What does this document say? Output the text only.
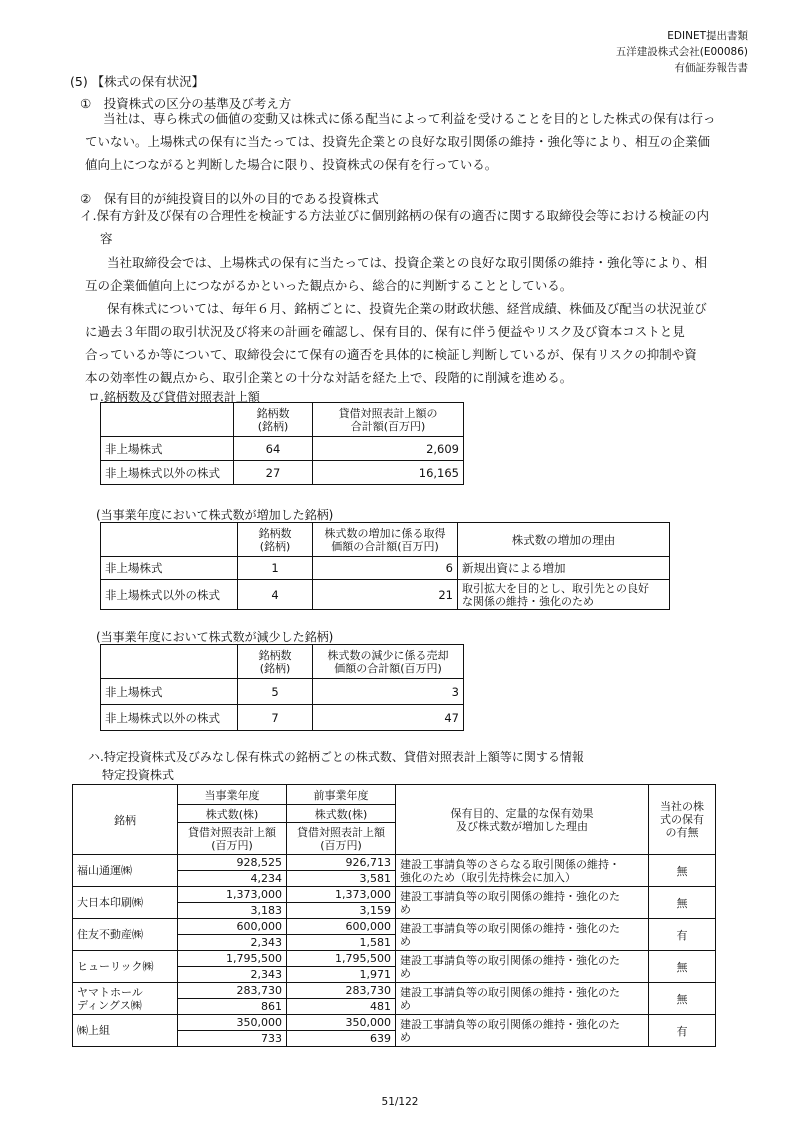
EDINET提出書類
五洋建設株式会社(E00086)
有価証券報告書
(5) 【株式の保有状況】
①　投資株式の区分の基準及び考え方
当社は、専ら株式の価値の変動又は株式に係る配当によって利益を受けることを目的とした株式の保有は行っ
ていない。上場株式の保有に当たっては、投資先企業との良好な取引関係の維持・強化等により、相互の企業価
値向上につながると判断した場合に限り、投資株式の保有を行っている。
②　保有目的が純投資目的以外の目的である投資株式
イ.保有方針及び保有の合理性を検証する方法並びに個別銘柄の保有の適否に関する取締役会等における検証の内
容
当社取締役会では、上場株式の保有に当たっては、投資企業との良好な取引関係の維持・強化等により、相
互の企業価値向上につながるかといった観点から、総合的に判断することとしている。
保有株式については、毎年６月、銘柄ごとに、投資先企業の財政状態、経営成績、株価及び配当の状況並び
に過去３年間の取引状況及び将来の計画を確認し、保有目的、保有に伴う便益やリスク及び資本コストと見
合っているか等について、取締役会にて保有の適否を具体的に検証し判断しているが、保有リスクの抑制や資
本の効率性の観点から、取引企業との十分な対話を経た上で、段階的に削減を進める。
ロ.銘柄数及び貸借対照表計上額
	銘柄数
(銘柄)	貸借対照表計上額の
合計額(百万円)
非上場株式	64	2,609
非上場株式以外の株式	27	16,165
(当事業年度において株式数が増加した銘柄)
	銘柄数
(銘柄)	株式数の増加に係る取得
価額の合計額(百万円)	株式数の増加の理由
非上場株式	1	6	新規出資による増加
非上場株式以外の株式	4	21	取引拡大を目的とし、取引先との良好
な関係の維持・強化のため
(当事業年度において株式数が減少した銘柄)
	銘柄数
(銘柄)	株式数の減少に係る売却
価額の合計額(百万円)
非上場株式	5	3
非上場株式以外の株式	7	47
ハ.特定投資株式及びみなし保有株式の銘柄ごとの株式数、貸借対照表計上額等に関する情報
特定投資株式
銘柄	当事業年度	前事業年度	保有目的、定量的な保有効果
及び株式数が増加した理由	当社の株
式の保有
の有無
	株式数(株)	株式数(株)		
	貸借対照表計上額
(百万円)	貸借対照表計上額
(百万円)		
福山通運㈱	928,525	926,713	建設工事請負等のさらなる取引関係の維持・
強化のため（取引先持株会に加入）	無
	4,234	3,581		
大日本印刷㈱	1,373,000	1,373,000	建設工事請負等の取引関係の維持・強化のた
め	無
	3,183	3,159		
住友不動産㈱	600,000	600,000	建設工事請負等の取引関係の維持・強化のた
め	有
	2,343	1,581		
ヒューリック㈱	1,795,500	1,795,500	建設工事請負等の取引関係の維持・強化のた
め	無
	2,343	1,971		
ヤマトホール
ディングス㈱	283,730	283,730	建設工事請負等の取引関係の維持・強化のた
め	無
	861	481		
㈱上組	350,000	350,000	建設工事請負等の取引関係の維持・強化のた
め	有
	733	639		
51/122
